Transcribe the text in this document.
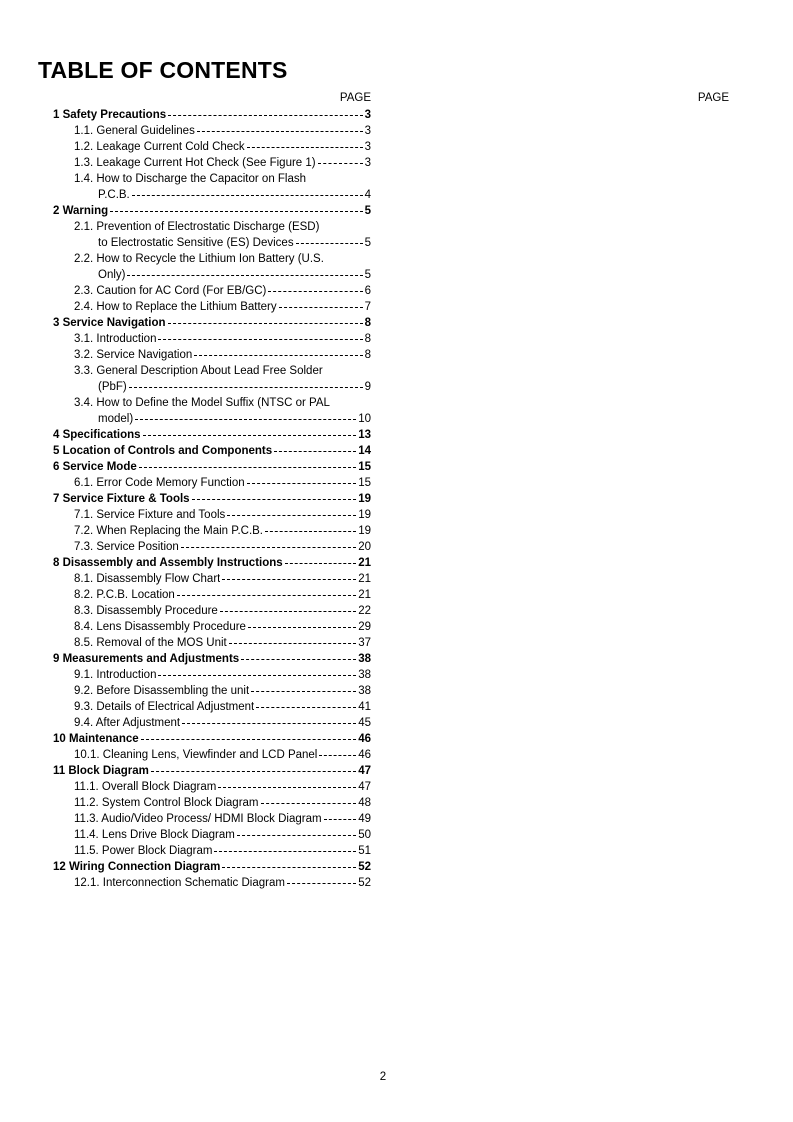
TABLE OF CONTENTS
PAGE	PAGE
1 Safety Precautions	3
1.1. General Guidelines	3
1.2. Leakage Current Cold Check	3
1.3. Leakage Current Hot Check (See Figure 1)	3
1.4. How to Discharge the Capacitor on Flash
P.C.B.	4
2 Warning	5
2.1. Prevention of Electrostatic Discharge (ESD)
to Electrostatic Sensitive (ES) Devices	5
2.2. How to Recycle the Lithium Ion Battery (U.S.
Only)	5
2.3. Caution for AC Cord (For EB/GC)	6
2.4. How to Replace the Lithium Battery	7
3 Service Navigation	8
3.1. Introduction	8
3.2. Service Navigation	8
3.3. General Description About Lead Free Solder
(PbF)	9
3.4. How to Define the Model Suffix (NTSC or PAL
model)	10
4 Specifications	13
5 Location of Controls and Components	14
6 Service Mode	15
6.1. Error Code Memory Function	15
7 Service Fixture & Tools	19
7.1. Service Fixture and Tools	19
7.2. When Replacing the Main P.C.B.	19
7.3. Service Position	20
8 Disassembly and Assembly Instructions	21
8.1. Disassembly Flow Chart	21
8.2. P.C.B. Location	21
8.3. Disassembly Procedure	22
8.4. Lens Disassembly Procedure	29
8.5. Removal of the MOS Unit	37
9 Measurements and Adjustments	38
9.1. Introduction	38
9.2. Before Disassembling the unit	38
9.3. Details of Electrical Adjustment	41
9.4. After Adjustment	45
10 Maintenance	46
10.1. Cleaning Lens, Viewfinder and LCD Panel	46
11 Block Diagram	47
11.1. Overall Block Diagram	47
11.2. System Control Block Diagram	48
11.3. Audio/Video Process/ HDMI Block Diagram	49
11.4. Lens Drive Block Diagram	50
11.5. Power Block Diagram	51
12 Wiring Connection Diagram	52
12.1. Interconnection Schematic Diagram	52
2
